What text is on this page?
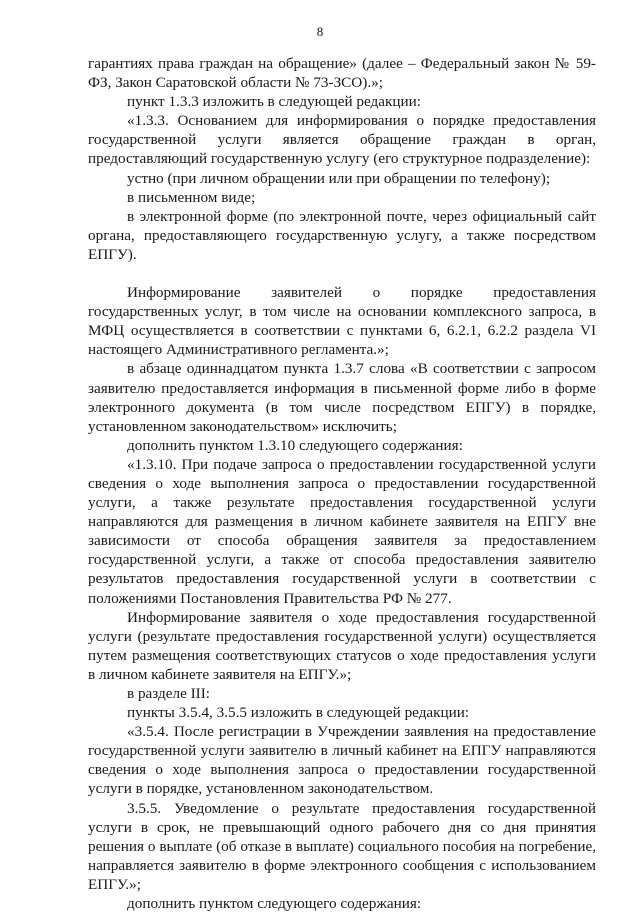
8

гарантиях права граждан на обращение» (далее – Федеральный закон № 59-ФЗ, Закон Саратовской области № 73-ЗСО).»;

пункт 1.3.3 изложить в следующей редакции:

«1.3.3. Основанием для информирования о порядке предоставления государственной услуги является обращение граждан в орган, предоставляющий государственную услугу (его структурное подразделение):

устно (при личном обращении или при обращении по телефону);

в письменном виде;

в электронной форме (по электронной почте, через официальный сайт органа, предоставляющего государственную услугу, а также посредством ЕПГУ).

Информирование заявителей о порядке предоставления государственных услуг, в том числе на основании комплексного запроса, в МФЦ осуществляется в соответствии с пунктами 6, 6.2.1, 6.2.2 раздела VI настоящего Административного регламента.»;

в абзаце одиннадцатом пункта 1.3.7 слова «В соответствии с запросом заявителю предоставляется информация в письменной форме либо в форме электронного документа (в том числе посредством ЕПГУ) в порядке, установленном законодательством» исключить;

дополнить пунктом 1.3.10 следующего содержания:

«1.3.10. При подаче запроса о предоставлении государственной услуги сведения о ходе выполнения запроса о предоставлении государственной услуги, а также результате предоставления государственной услуги направляются для размещения в личном кабинете заявителя на ЕПГУ вне зависимости от способа обращения заявителя за предоставлением государственной услуги, а также от способа предоставления заявителю результатов предоставления государственной услуги в соответствии с положениями Постановления Правительства РФ № 277.

Информирование заявителя о ходе предоставления государственной услуги (результате предоставления государственной услуги) осуществляется путем размещения соответствующих статусов о ходе предоставления услуги в личном кабинете заявителя на ЕПГУ.»;

в разделе III:

пункты 3.5.4, 3.5.5 изложить в следующей редакции:

«3.5.4. После регистрации в Учреждении заявления на предоставление государственной услуги заявителю в личный кабинет на ЕПГУ направляются сведения о ходе выполнения запроса о предоставлении государственной услуги в порядке, установленном законодательством.

3.5.5. Уведомление о результате предоставления государственной услуги в срок, не превышающий одного рабочего дня со дня принятия решения о выплате (об отказе в выплате) социального пособия на погребение, направляется заявителю в форме электронного сообщения с использованием ЕПГУ.»;

дополнить пунктом следующего содержания:
